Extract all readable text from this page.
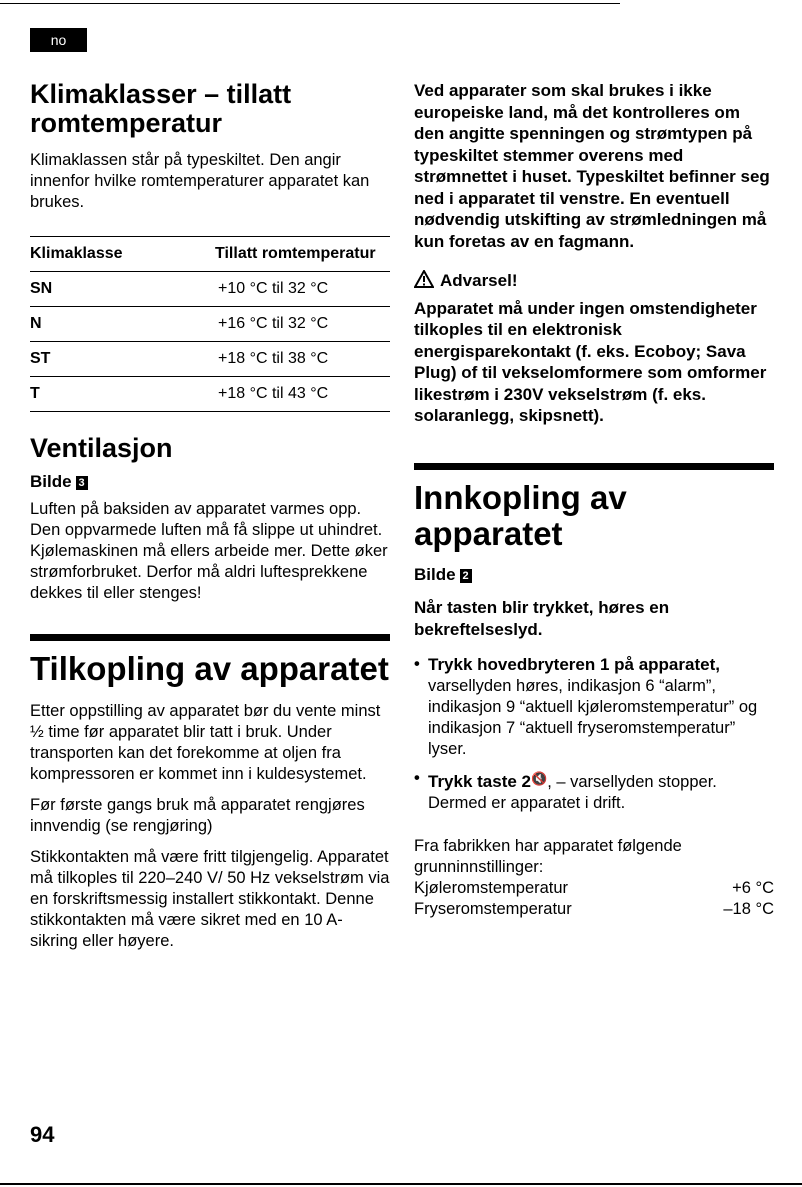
no
Klimaklasser – tillatt
romtemperatur

Klimaklassen står på typeskiltet. Den angir innenfor hvilke romtemperaturer apparatet kan brukes.

Klimaklasse	Tillatt romtemperatur
SN	+10 °C til 32 °C
N	+16 °C til 32 °C
ST	+18 °C til 38 °C
T	+18 °C til 43 °C
Ventilasjon
Bilde 3

Luften på baksiden av apparatet varmes opp. Den oppvarmede luften må få slippe ut uhindret. Kjølemaskinen må ellers arbeide mer. Dette øker strømforbruket. Derfor må aldri luftesprekkene dekkes til eller stenges!

Tilkopling av apparatet

Etter oppstilling av apparatet bør du vente minst ½ time før apparatet blir tatt i bruk. Under transporten kan det forekomme at oljen fra kompressoren er kommet inn i kuldesystemet.

Før første gangs bruk må apparatet rengjøres innvendig (se rengjøring)

Stikkontakten må være fritt tilgjengelig. Apparatet må tilkoples til 220–240 V/ 50 Hz vekselstrøm via en forskriftsmessig installert stikkontakt. Denne stikkontakten må være sikret med en 10 A-sikring eller høyere.

Ved apparater som skal brukes i ikke europeiske land, må det kontrolleres om den angitte spenningen og strømtypen på typeskiltet stemmer overens med strømnettet i huset. Typeskiltet befinner seg ned i apparatet til venstre. En eventuell nødvendig utskifting av strømledningen må kun foretas av en fagmann.

Advarsel!

Apparatet må under ingen omstendigheter tilkoples til en elektronisk energisparekontakt (f. eks. Ecoboy; Sava Plug) of til vekselomformere som omformer likestrøm i 230V vekselstrøm (f. eks. solaranlegg, skipsnett).

Innkopling av
apparatet
Bilde 2

Når tasten blir trykket, høres en bekreftelseslyd.

• Trykk hovedbryteren 1 på apparatet, varsellyden høres, indikasjon 6 “alarm”, indikasjon 9 “aktuell kjøleromstemperatur” og indikasjon 7 “aktuell fryseromstemperatur” lyser.
• Trykk taste 2🔇, – varsellyden stopper. Dermed er apparatet i drift.

Fra fabrikken har apparatet følgende grunninnstillinger:

Kjøleromstemperatur	+6 °C
Fryseromstemperatur	–18 °C
94
